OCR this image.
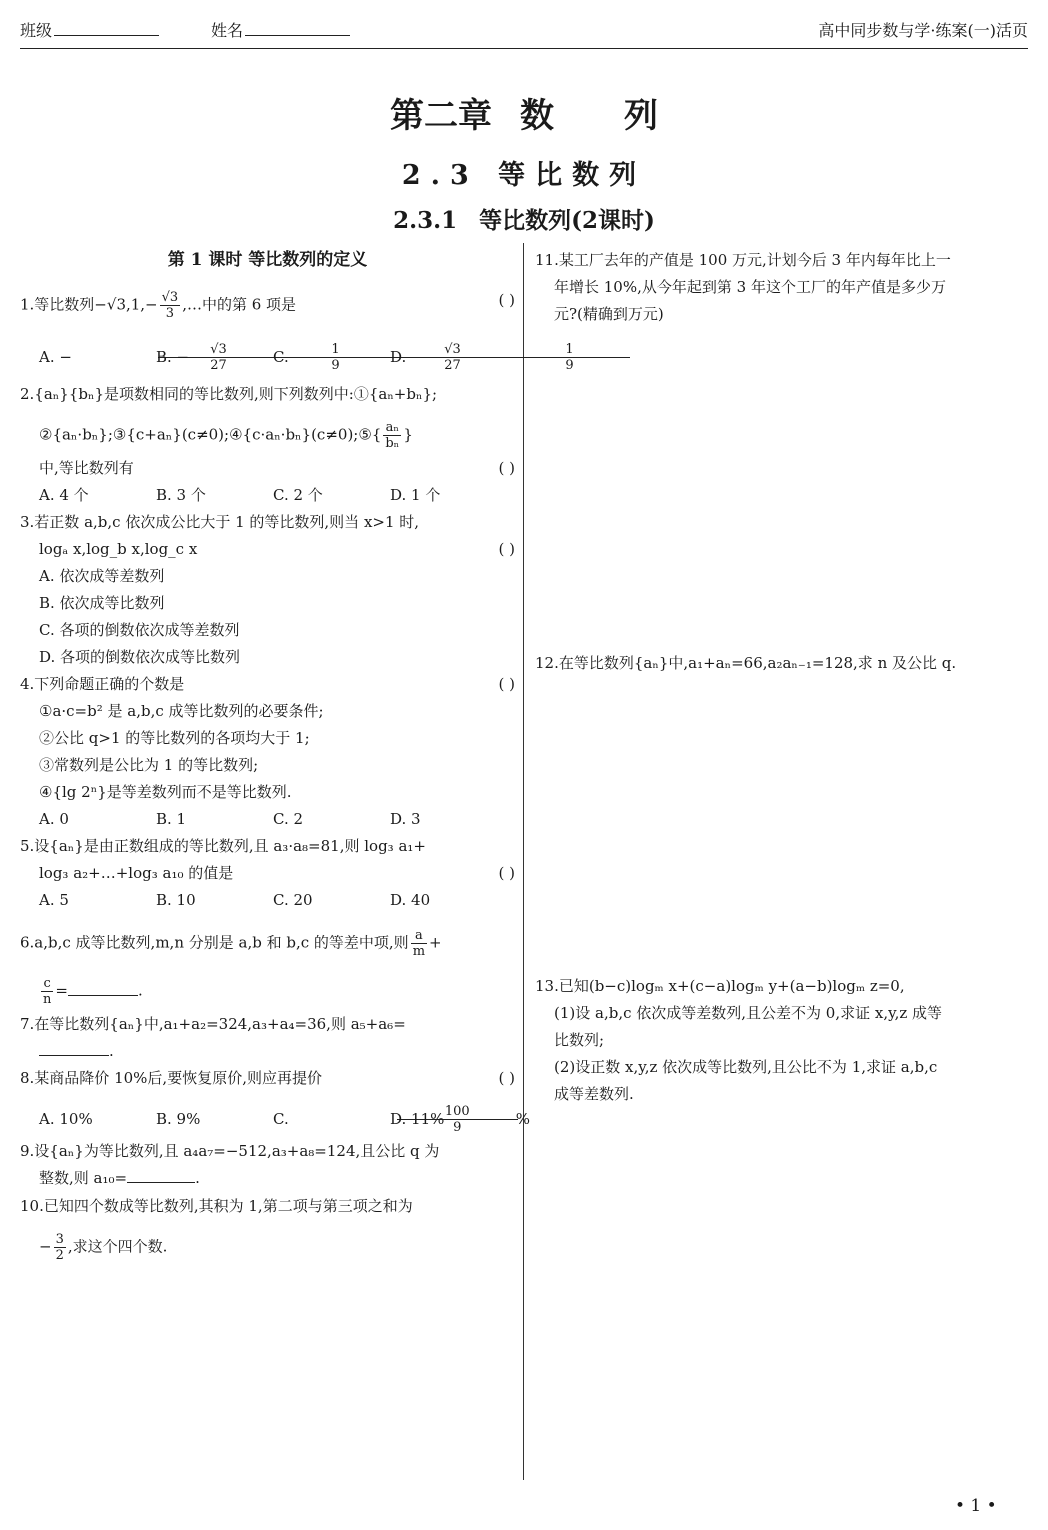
班级	姓名	高中同步数与学·练案(一)活页
第二章 数 列
2.3 等比数列
2.3.1 等比数列(2课时)
第 1 课时 等比数列的定义
1.等比数列$-√3,1,- \frac{√3}{3}$ ,…中的第 6 项是	( )
A. −	$\frac{√3}{27}$
B. −	$\frac{1}{9}$
C.	$\frac{√3}{27}$
D.	$\frac{1}{9}$
2.{aₙ}{bₙ}是项数相同的等比数列,则下列数列中:①{aₙ+bₙ};
②{aₙ·bₙ};③{c+aₙ}(c≠0);④{c·aₙ·bₙ}(c≠0);⑤{ $\frac{\text{aₙ}}{\text{bₙ}}$ }
中,等比数列有	( )
A. 4 个	B. 3 个	C. 2 个	D. 1 个
3.若正数 a,b,c 依次成公比大于 1 的等比数列,则当 x>1 时,
logₐ x,log_b x,log_c x	( )
A. 依次成等差数列
B. 依次成等比数列
C. 各项的倒数依次成等差数列
D. 各项的倒数依次成等比数列
4.下列命题正确的个数是	( )
①a·c=b² 是 a,b,c 成等比数列的必要条件;
②公比 q>1 的等比数列的各项均大于 1;
③常数列是公比为 1 的等比数列;
④{lg 2ⁿ}是等差数列而不是等比数列.
A. 0	B. 1	C. 2	D. 3
5.设{aₙ}是由正数组成的等比数列,且 a₃·a₈=81,则 log₃ a₁+
log₃ a₂+…+log₃ a₁₀ 的值是	( )
A. 5	B. 10	C. 20	D. 40
6.a,b,c 成等比数列,m,n 分别是 a,b 和 b,c 的等差中项,则 $\frac{a}{m}$ +
$\frac{c}{n}$ =	.
7.在等比数列{aₙ}中,a₁+a₂=324,a₃+a₄=36,则 a₅+a₆=
.
8.某商品降价 10%后,要恢复原价,则应再提价	( )
A. 10%	B. 9%	C.	$\frac{100}{9} \%D$. 11%
9.设{aₙ}为等比数列,且 a₄a₇=−512,a₃+a₈=124,且公比 q 为
整数,则 a₁₀=	.
10.已知四个数成等比数列,其积为 1,第二项与第三项之和为
− $\frac{3}{2}$ ,求这个四个数.
11.某工厂去年的产值是 100 万元,计划今后 3 年内每年比上一
年增长 10%,从今年起到第 3 年这个工厂的年产值是多少万
元?(精确到万元)
12.在等比数列{aₙ}中,a₁+aₙ=66,a₂aₙ₋₁=128,求 n 及公比 q.
13.已知(b−c)logₘ x+(c−a)logₘ y+(a−b)logₘ z=0,
(1)设 a,b,c 依次成等差数列,且公差不为 0,求证 x,y,z 成等
比数列;
(2)设正数 x,y,z 依次成等比数列,且公比不为 1,求证 a,b,c
成等差数列.
• 1 •
